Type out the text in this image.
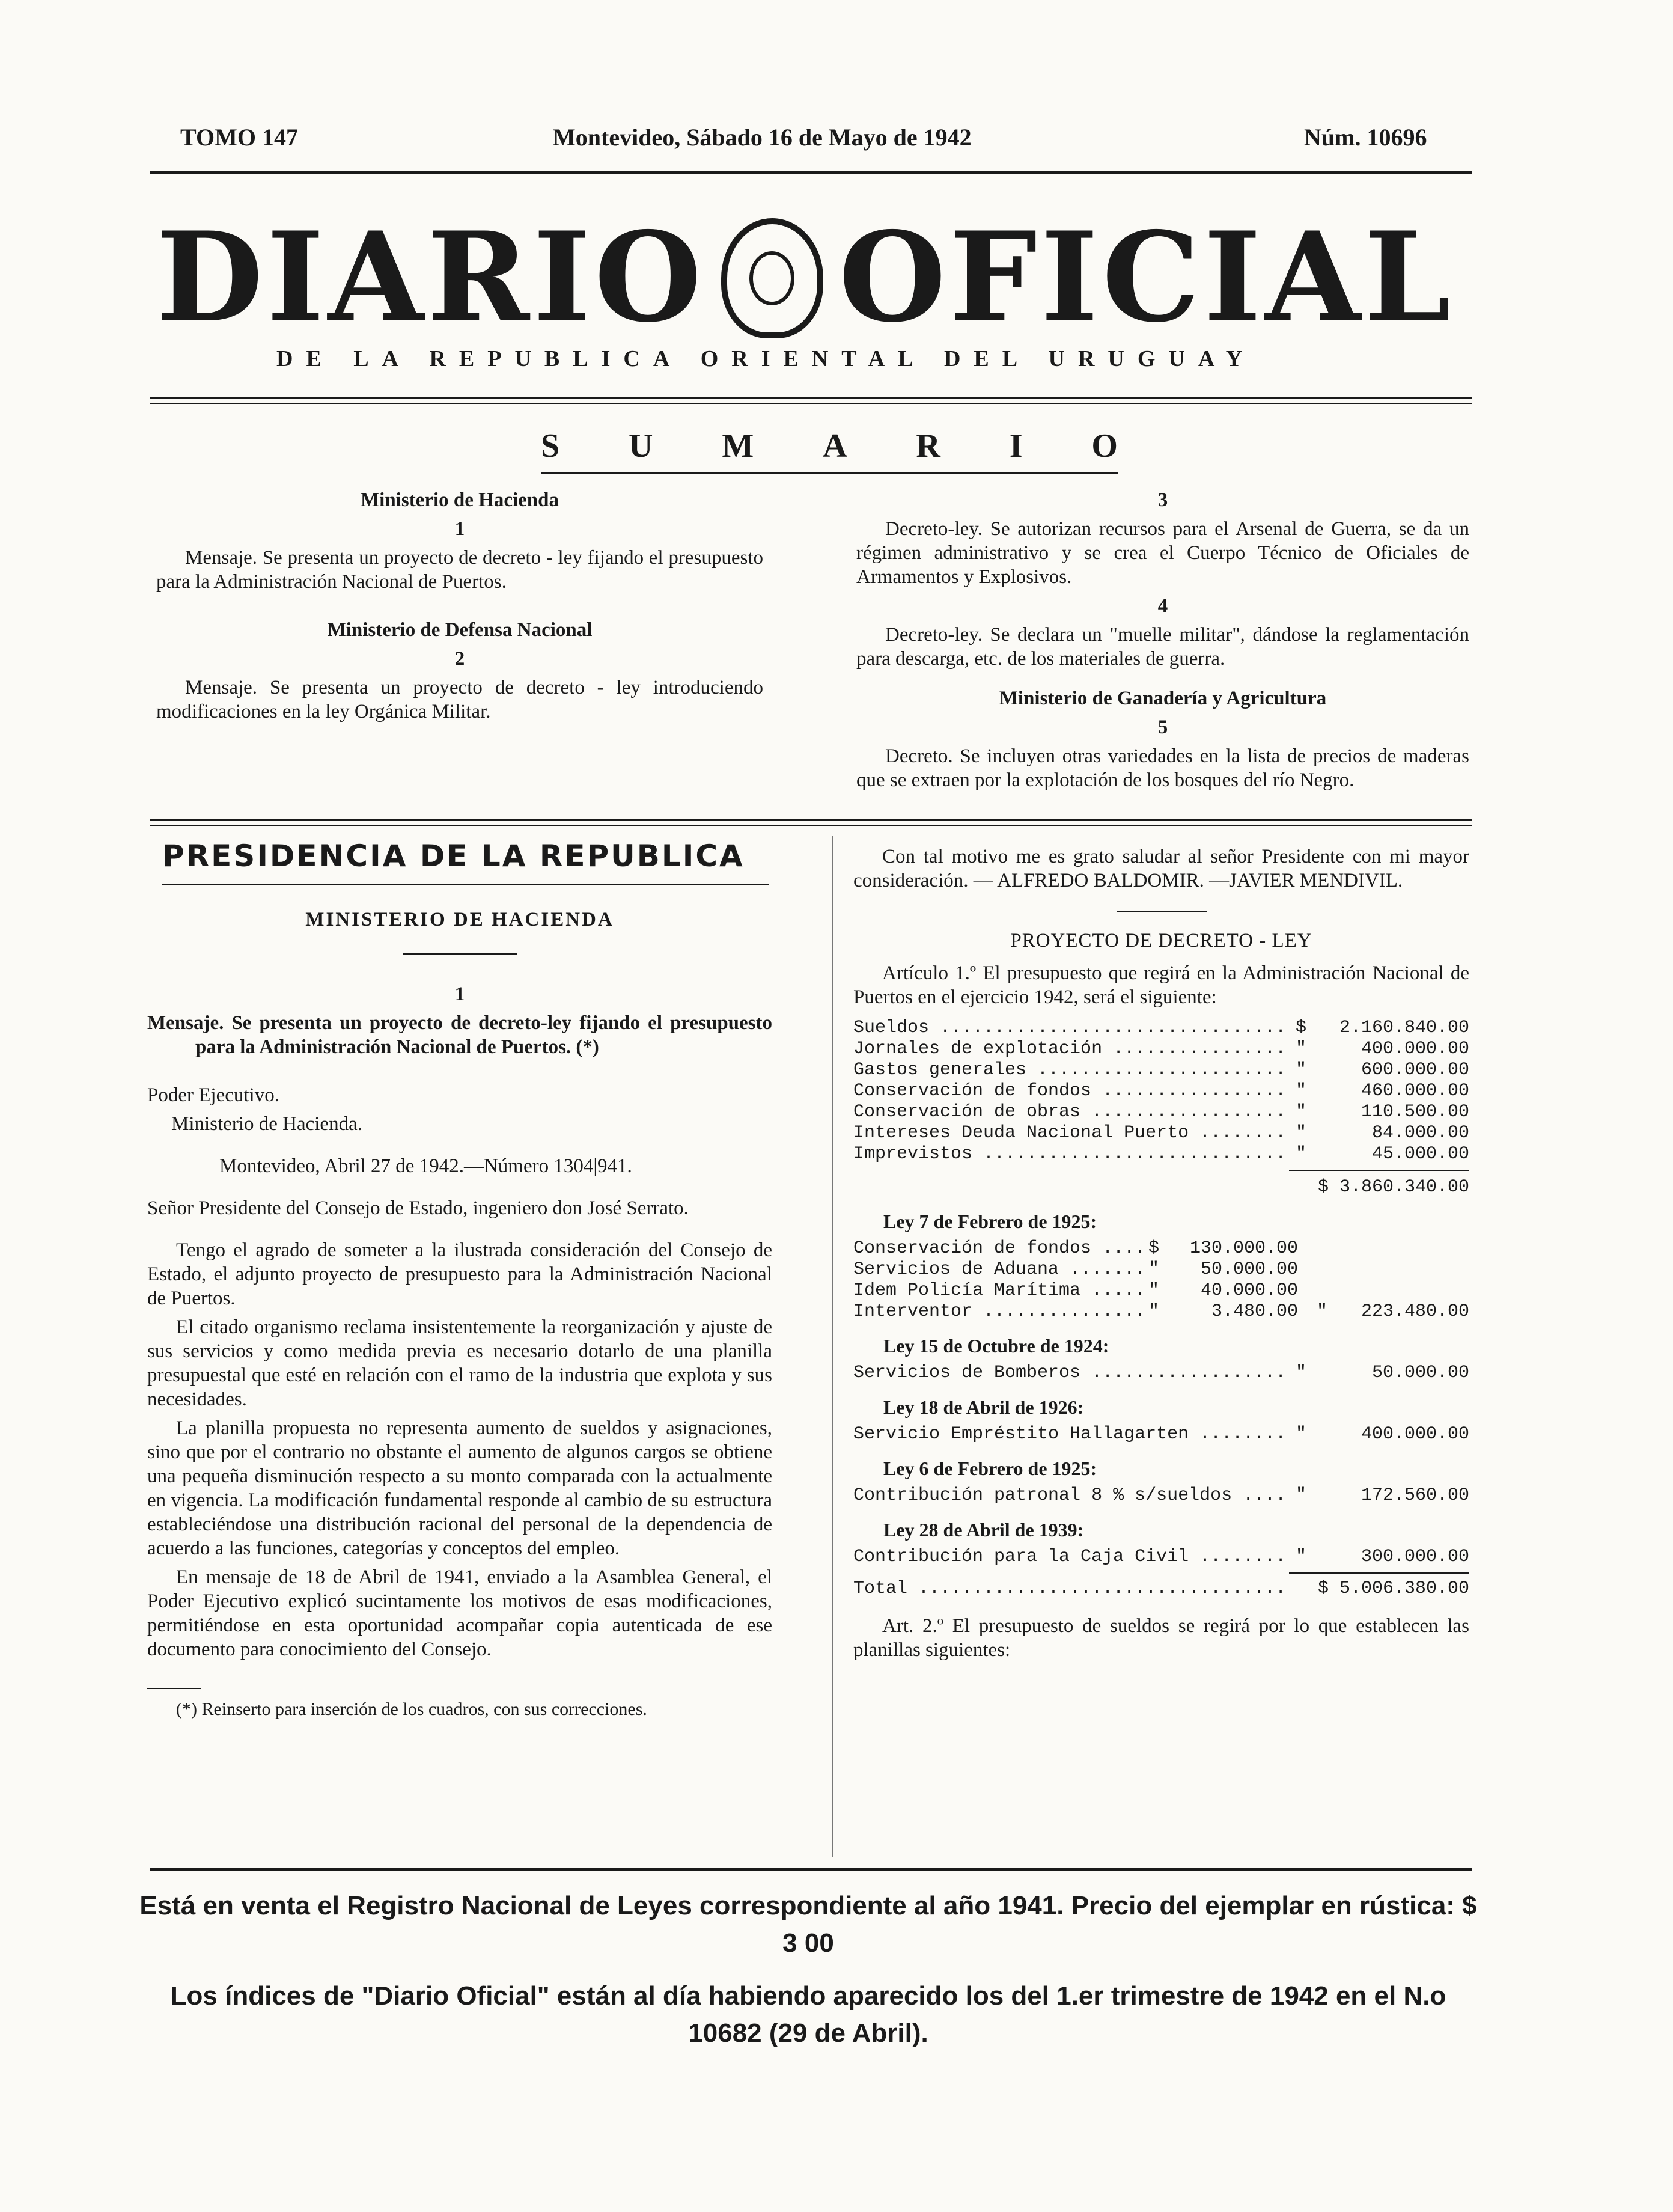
TOMO 147	Montevideo, Sábado 16 de Mayo de 1942	Núm. 10696
DIARIO OFICIAL
DE LA REPUBLICA ORIENTAL DEL URUGUAY
S U M A R I O

Ministerio de Hacienda

1

Mensaje. Se presenta un proyecto de decreto - ley fijando el presupuesto para la Administración Nacional de Puertos.

Ministerio de Defensa Nacional

2

Mensaje. Se presenta un proyecto de decreto - ley introduciendo modificaciones en la ley Orgánica Militar.

3

Decreto-ley. Se autorizan recursos para el Arsenal de Guerra, se da un régimen administrativo y se crea el Cuerpo Técnico de Oficiales de Armamentos y Explosivos.

4

Decreto-ley. Se declara un "muelle militar", dándose la reglamentación para descarga, etc. de los materiales de guerra.

Ministerio de Ganadería y Agricultura

5

Decreto. Se incluyen otras variedades en la lista de precios de maderas que se extraen por la explotación de los bosques del río Negro.

PRESIDENCIA DE LA REPUBLICA

MINISTERIO DE HACIENDA

1

Mensaje. Se presenta un proyecto de decreto-ley fijando el presupuesto para la Administración Nacional de Puertos. (*)

Poder Ejecutivo.

Ministerio de Hacienda.

Montevideo, Abril 27 de 1942.—Número 1304|941.

Señor Presidente del Consejo de Estado, ingeniero don José Serrato.

Tengo el agrado de someter a la ilustrada consideración del Consejo de Estado, el adjunto proyecto de presupuesto para la Administración Nacional de Puertos.

El citado organismo reclama insistentemente la reorganización y ajuste de sus servicios y como medida previa es necesario dotarlo de una planilla presupuestal que esté en relación con el ramo de la industria que explota y sus necesidades.

La planilla propuesta no representa aumento de sueldos y asignaciones, sino que por el contrario no obstante el aumento de algunos cargos se obtiene una pequeña disminución respecto a su monto comparada con la actualmente en vigencia. La modificación fundamental responde al cambio de su estructura estableciéndose una distribución racional del personal de la dependencia de acuerdo a las funciones, categorías y conceptos del empleo.

En mensaje de 18 de Abril de 1941, enviado a la Asamblea General, el Poder Ejecutivo explicó sucintamente los motivos de esas modificaciones, permitiéndose en esta oportunidad acompañar copia autenticada de ese documento para conocimiento del Consejo.

(*) Reinserto para inserción de los cuadros, con sus correcciones.

Con tal motivo me es grato saludar al señor Presidente con mi mayor consideración. — ALFREDO BALDOMIR. —JAVIER MENDIVIL.

PROYECTO DE DECRETO - LEY

Artículo 1.º El presupuesto que regirá en la Administración Nacional de Puertos en el ejercicio 1942, será el siguiente:

Sueldos .....	$	2.160.840.00
Jornales de explotación .....	"	400.000.00
Gastos generales .....	"	600.000.00
Conservación de fondos .....	"	460.000.00
Conservación de obras .....	"	110.500.00
Intereses Deuda Nacional Puerto .....	"	84.000.00
Imprevistos .....	"	45.000.00
$ 3.860.340.00
Ley 7 de Febrero de 1925:
Conservación de fondos .....	$	130.000.00
Servicios de Aduana .....	"	50.000.00
Idem Policía Marítima .....	"	40.000.00
Interventor .....	"	3.480.00	"	223.480.00
Ley 15 de Octubre de 1924:
Servicios de Bomberos .....	"	50.000.00
Ley 18 de Abril de 1926:
Servicio Empréstito Hallagarten .....	"	400.000.00
Ley 6 de Febrero de 1925:
Contribución patronal 8 % s/sueldos .....	"	172.560.00
Ley 28 de Abril de 1939:
Contribución para la Caja Civil .....	"	300.000.00
Total .....	$ 5.006.380.00

Art. 2.º El presupuesto de sueldos se regirá por lo que establecen las planillas siguientes:

Está en venta el Registro Nacional de Leyes correspondiente al año 1941. Precio del ejemplar en rústica: $ 3 00
Los índices de "Diario Oficial" están al día habiendo aparecido los del 1.er trimestre de 1942 en el N.o 10682 (29 de Abril).
